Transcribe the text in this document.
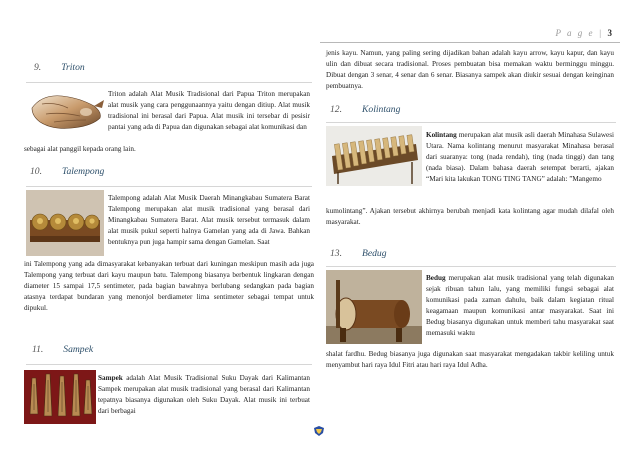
P a g e | 3
9. Triton
Triton adalah Alat Musik Tradisional dari Papua Triton merupakan alat musik yang cara penggunaannya yaitu dengan ditiup. Alat musik tradisional ini berasal dari Papua. Alat musik ini tersebar di pesisir pantai yang ada di Papua dan digunakan sebagai alat komunikasi dan
sebagai alat panggil kepada orang lain.
10. Talempong
Talempong adalah Alat Musik Daerah Minangkabau Sumatera Barat Talempong merupakan alat musik tradisional yang berasal dari Minangkabau Sumatera Barat. Alat musik tersebut termasuk dalam alat musik pukul seperti halnya Gamelan yang ada di Jawa. Bahkan bentuknya pun juga hampir sama dengan Gamelan. Saat
ini Talempong yang ada dimasyarakat kebanyakan terbuat dari kuningan meskipun masih ada juga Talempong yang terbuat dari kayu maupun batu. Talempong biasanya berbentuk lingkaran dengan diameter 15 sampai 17,5 sentimeter, pada bagian bawahnya berlubang sedangkan pada bagian atasnya terdapat bundaran yang menonjol berdiameter lima sentimeter sebagai tempat untuk dipukul.
11. Sampek
Sampek adalah Alat Musik Tradisional Suku Dayak dari Kalimantan Sampek merupakan alat musik tradisional yang berasal dari Kalimantan tepatnya biasanya digunakan oleh Suku Dayak. Alat musik ini terbuat dari berbagai
jenis kayu. Namun, yang paling sering dijadikan bahan adalah kayu arrow, kayu kapur, dan kayu ulin dan dibuat secara tradisional. Proses pembuatan bisa memakan waktu berminggu minggu. Dibuat dengan 3 senar, 4 senar dan 6 senar. Biasanya sampek akan diukir sesuai dengan keinginan pembuatnya.
12. Kolintang
Kolintang merupakan alat musik asli daerah Minahasa Sulawesi Utara. Nama kolintang menurut masyarakat Minahasa berasal dari suaranya: tong (nada rendah), ting (nada tinggi) dan tang (nada biasa). Dalam bahasa daerah setempat berarti, ajakan “Mari kita lakukan TONG TING TANG” adalah: ”Mangemo
kumolintang”. Ajakan tersebut akhirnya berubah menjadi kata kolintang agar mudah dilafal oleh masyarakat.
13. Bedug
Bedug merupakan alat musik tradisional yang telah digunakan sejak ribuan tahun lalu, yang memiliki fungsi sebagai alat komunikasi pada zaman dahulu, baik dalam kegiatan ritual keagamaan maupun komunikasi antar masyarakat. Saat ini Bedug biasanya digunakan untuk memberi tahu masyarakat saat memasuki waktu
shalat fardhu. Bedug biasanya juga digunakan saat masyarakat mengadakan takbir keliling untuk menyambut hari raya Idul Fitri atau hari raya Idul Adha.
